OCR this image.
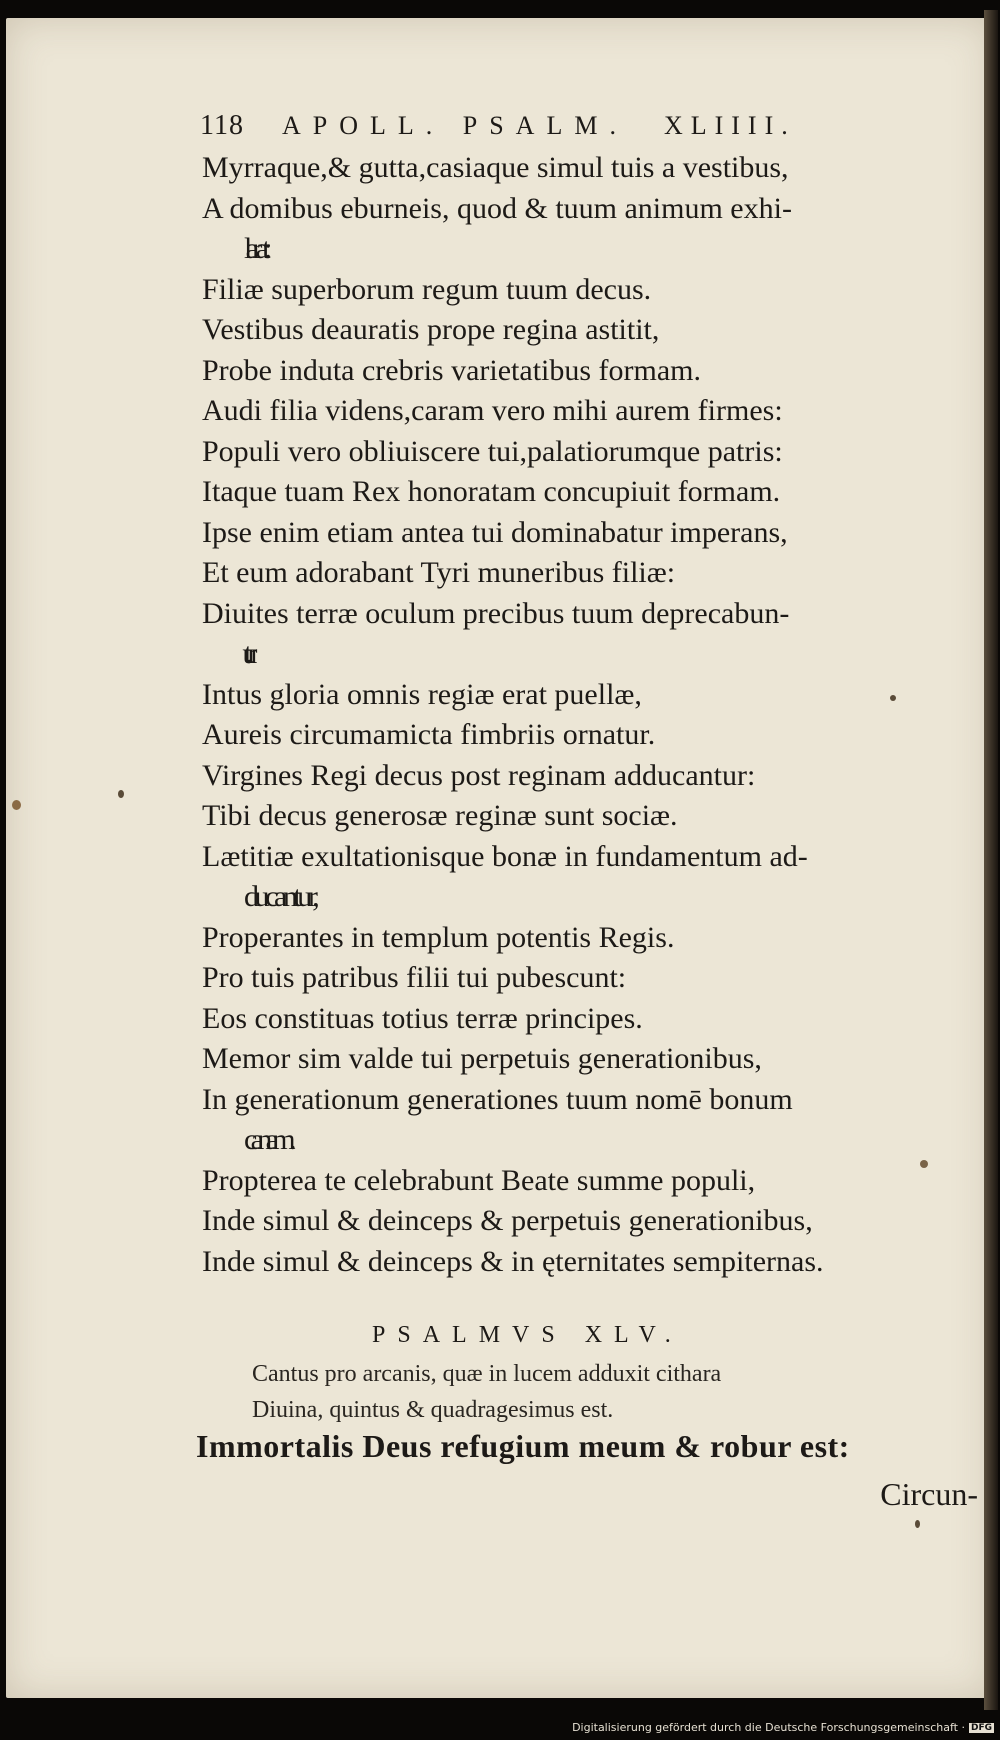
118 APOLL. PSALM. XLIIII.
Myrraque,& gutta,casiaque simul tuis a vestibus,
A domibus eburneis, quod & tuum animum exhi-
larat:
Filiæ superborum regum tuum decus.
Vestibus deauratis prope regina astitit,
Probe induta crebris varietatibus formam.
Audi filia videns,caram vero mihi aurem firmes:
Populi vero obliuiscere tui,palatiorumque patris:
Itaque tuam Rex honoratam concupiuit formam.
Ipse enim etiam antea tui dominabatur imperans,
Et eum adorabant Tyri muneribus filiæ:
Diuites terræ oculum precibus tuum deprecabun-
Intus gloria omnis regiæ erat puellæ,
Aureis circumamicta fimbriis ornatur.
Virgines Regi decus post reginam adducantur:
Tibi decus generosæ reginæ sunt sociæ.
Lætitiæ exultationisque bonæ in fundamentum ad-
ducantur,
Properantes in templum potentis Regis.
Pro tuis patribus filii tui pubescunt:
Eos constituas totius terræ principes.
Memor sim valde tui perpetuis generationibus,
In generationum generationes tuum nomē bonum
canam.
Propterea te celebrabunt Beate summe populi,
Inde simul & deinceps & perpetuis generationibus,
Inde simul & deinceps & in ęternitates sempiternas.
PSALMVS XLV.
Cantus pro arcanis, quæ in lucem adduxit cithara
Diuina, quintus & quadragesimus est.
Immortalis Deus refugium meum & robur est:
Circun-
Digitalisierung gefördert durch die Deutsche Forschungsgemeinschaft · DFG
